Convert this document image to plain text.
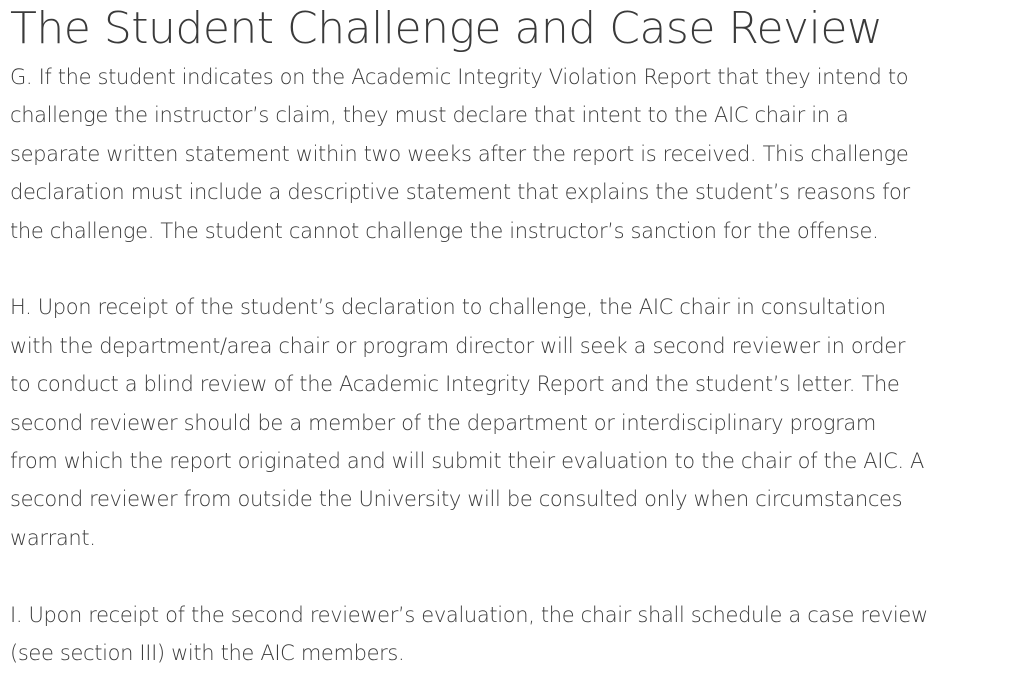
The Student Challenge and Case Review

G. If the student indicates on the Academic Integrity Violation Report that they intend to
challenge the instructor’s claim, they must declare that intent to the AIC chair in a
separate written statement within two weeks after the report is received. This challenge
declaration must include a descriptive statement that explains the student’s reasons for
the challenge. The student cannot challenge the instructor’s sanction for the offense.

H. Upon receipt of the student’s declaration to challenge, the AIC chair in consultation
with the department/area chair or program director will seek a second reviewer in order
to conduct a blind review of the Academic Integrity Report and the student’s letter. The
second reviewer should be a member of the department or interdisciplinary program
from which the report originated and will submit their evaluation to the chair of the AIC. A
second reviewer from outside the University will be consulted only when circumstances
warrant.

I. Upon receipt of the second reviewer’s evaluation, the chair shall schedule a case review
(see section III) with the AIC members.
